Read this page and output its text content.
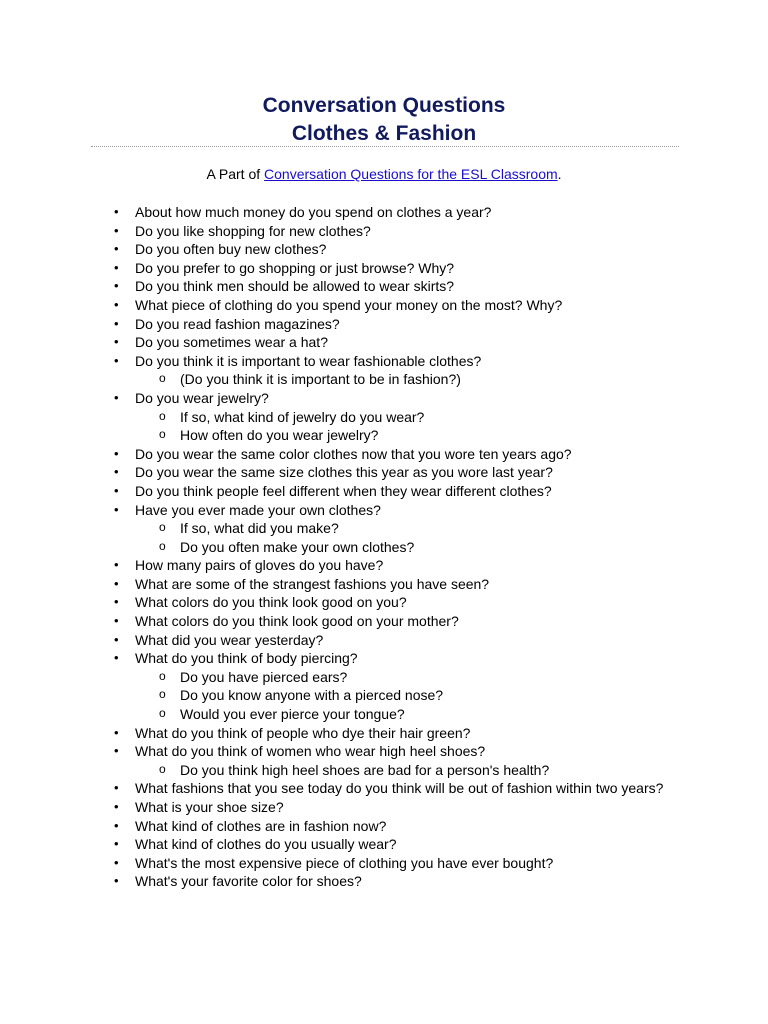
Conversation Questions
Clothes & Fashion
A Part of Conversation Questions for the ESL Classroom.
• About how much money do you spend on clothes a year?
• Do you like shopping for new clothes?
• Do you often buy new clothes?
• Do you prefer to go shopping or just browse? Why?
• Do you think men should be allowed to wear skirts?
• What piece of clothing do you spend your money on the most? Why?
• Do you read fashion magazines?
• Do you sometimes wear a hat?
• Do you think it is important to wear fashionable clothes?
o (Do you think it is important to be in fashion?)
• Do you wear jewelry?
o If so, what kind of jewelry do you wear?
o How often do you wear jewelry?
• Do you wear the same color clothes now that you wore ten years ago?
• Do you wear the same size clothes this year as you wore last year?
• Do you think people feel different when they wear different clothes?
• Have you ever made your own clothes?
o If so, what did you make?
o Do you often make your own clothes?
• How many pairs of gloves do you have?
• What are some of the strangest fashions you have seen?
• What colors do you think look good on you?
• What colors do you think look good on your mother?
• What did you wear yesterday?
• What do you think of body piercing?
o Do you have pierced ears?
o Do you know anyone with a pierced nose?
o Would you ever pierce your tongue?
• What do you think of people who dye their hair green?
• What do you think of women who wear high heel shoes?
o Do you think high heel shoes are bad for a person's health?
• What fashions that you see today do you think will be out of fashion within two years?
• What is your shoe size?
• What kind of clothes are in fashion now?
• What kind of clothes do you usually wear?
• What's the most expensive piece of clothing you have ever bought?
• What's your favorite color for shoes?
